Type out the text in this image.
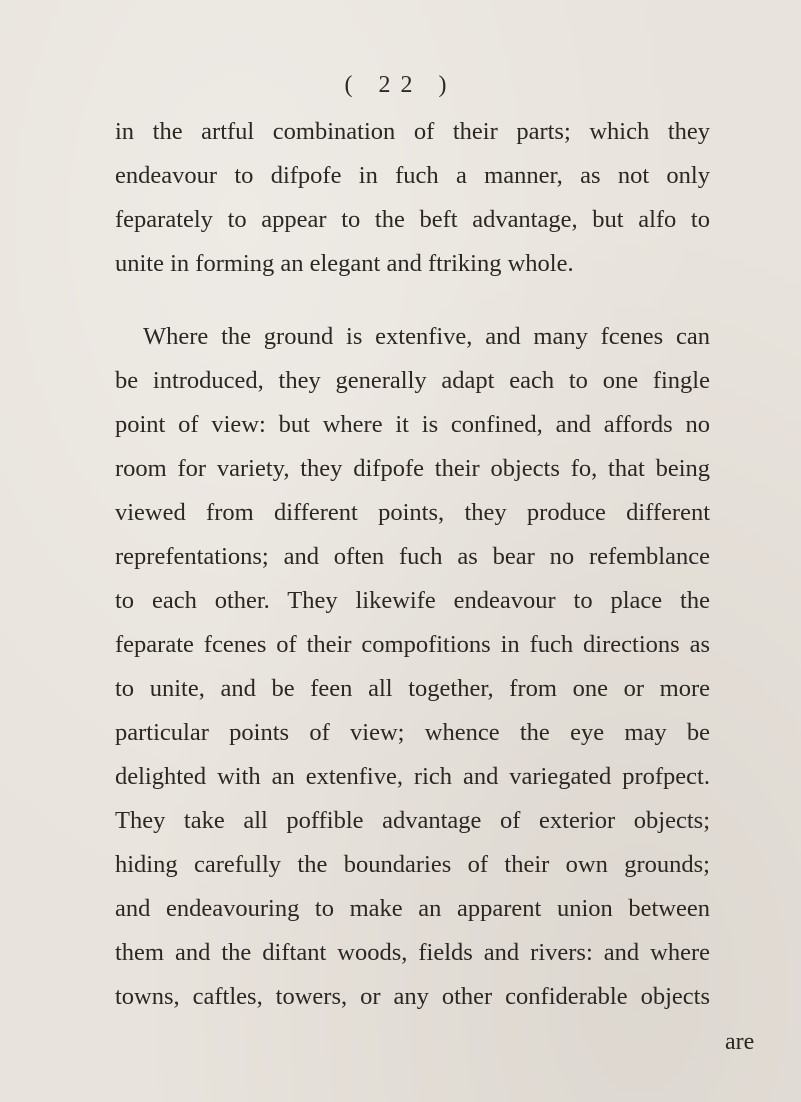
( 22 )
in the artful combination of their parts; which they
endeavour to difpofe in fuch a manner, as not only
feparately to appear to the beft advantage, but alfo to
unite in forming an elegant and ftriking whole.
Where the ground is extenfive, and many fcenes can
be introduced, they generally adapt each to one fingle
point of view: but where it is confined, and affords no
room for variety, they difpofe their objects fo, that being
viewed from different points, they produce different
reprefentations; and often fuch as bear no refemblance
to each other. They likewife endeavour to place the
feparate fcenes of their compofitions in fuch directions as
to unite, and be feen all together, from one or more
particular points of view; whence the eye may be
delighted with an extenfive, rich and variegated profpect.
They take all poffible advantage of exterior objects;
hiding carefully the boundaries of their own grounds;
and endeavouring to make an apparent union between
them and the diftant woods, fields and rivers: and where
towns, caftles, towers, or any other confiderable objects
are
